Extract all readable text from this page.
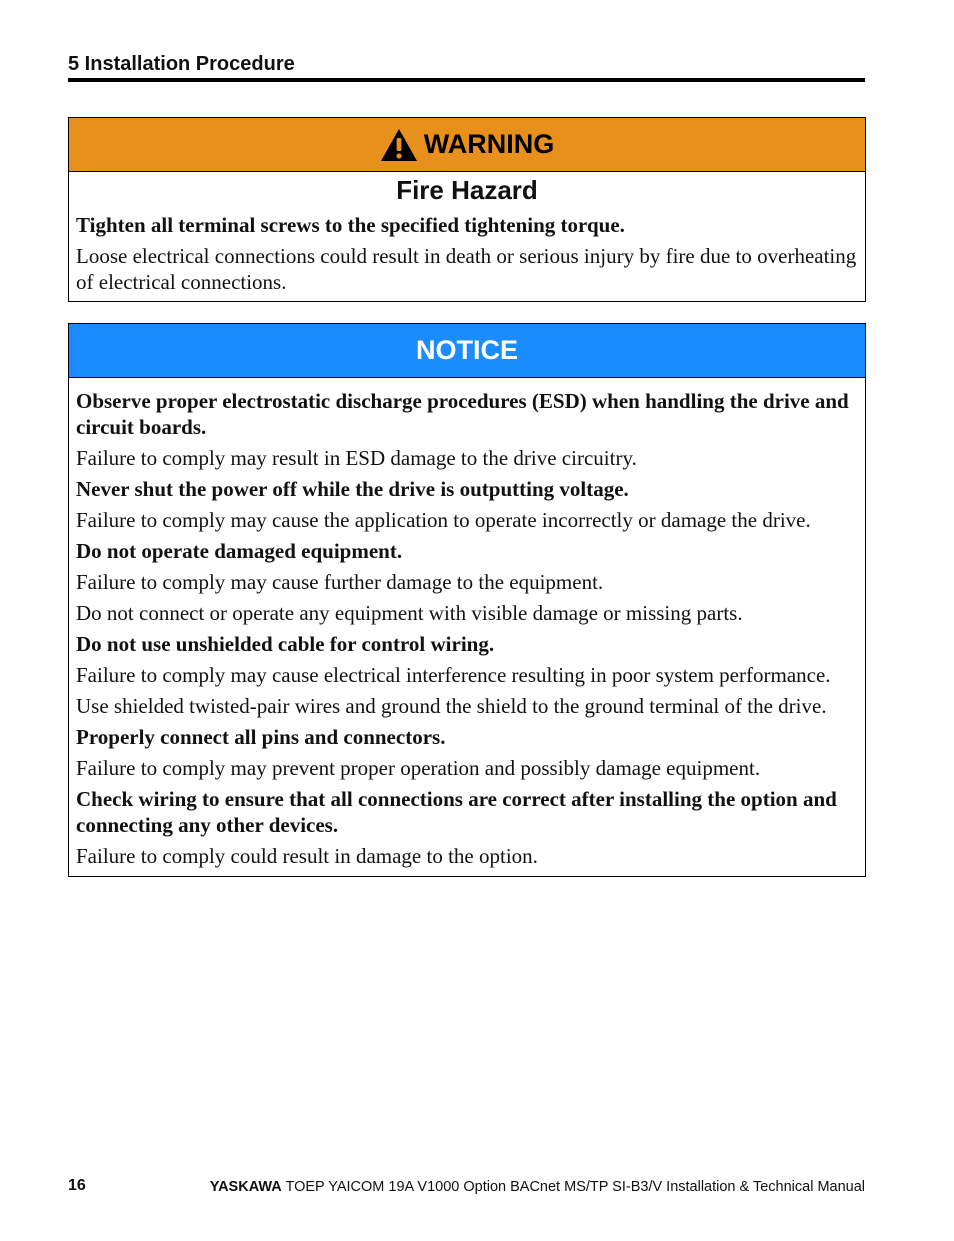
5 Installation Procedure
WARNING
Fire Hazard

Tighten all terminal screws to the specified tightening torque.

Loose electrical connections could result in death or serious injury by fire due to overheating of electrical connections.

NOTICE

Observe proper electrostatic discharge procedures (ESD) when handling the drive and circuit boards.

Failure to comply may result in ESD damage to the drive circuitry.

Never shut the power off while the drive is outputting voltage.

Failure to comply may cause the application to operate incorrectly or damage the drive.

Do not operate damaged equipment.

Failure to comply may cause further damage to the equipment.

Do not connect or operate any equipment with visible damage or missing parts.

Do not use unshielded cable for control wiring.

Failure to comply may cause electrical interference resulting in poor system performance.

Use shielded twisted-pair wires and ground the shield to the ground terminal of the drive.

Properly connect all pins and connectors.

Failure to comply may prevent proper operation and possibly damage equipment.

Check wiring to ensure that all connections are correct after installing the option and connecting any other devices.

Failure to comply could result in damage to the option.

16	YASKAWA TOEP YAICOM 19A V1000 Option BACnet MS/TP SI-B3/V Installation & Technical Manual
